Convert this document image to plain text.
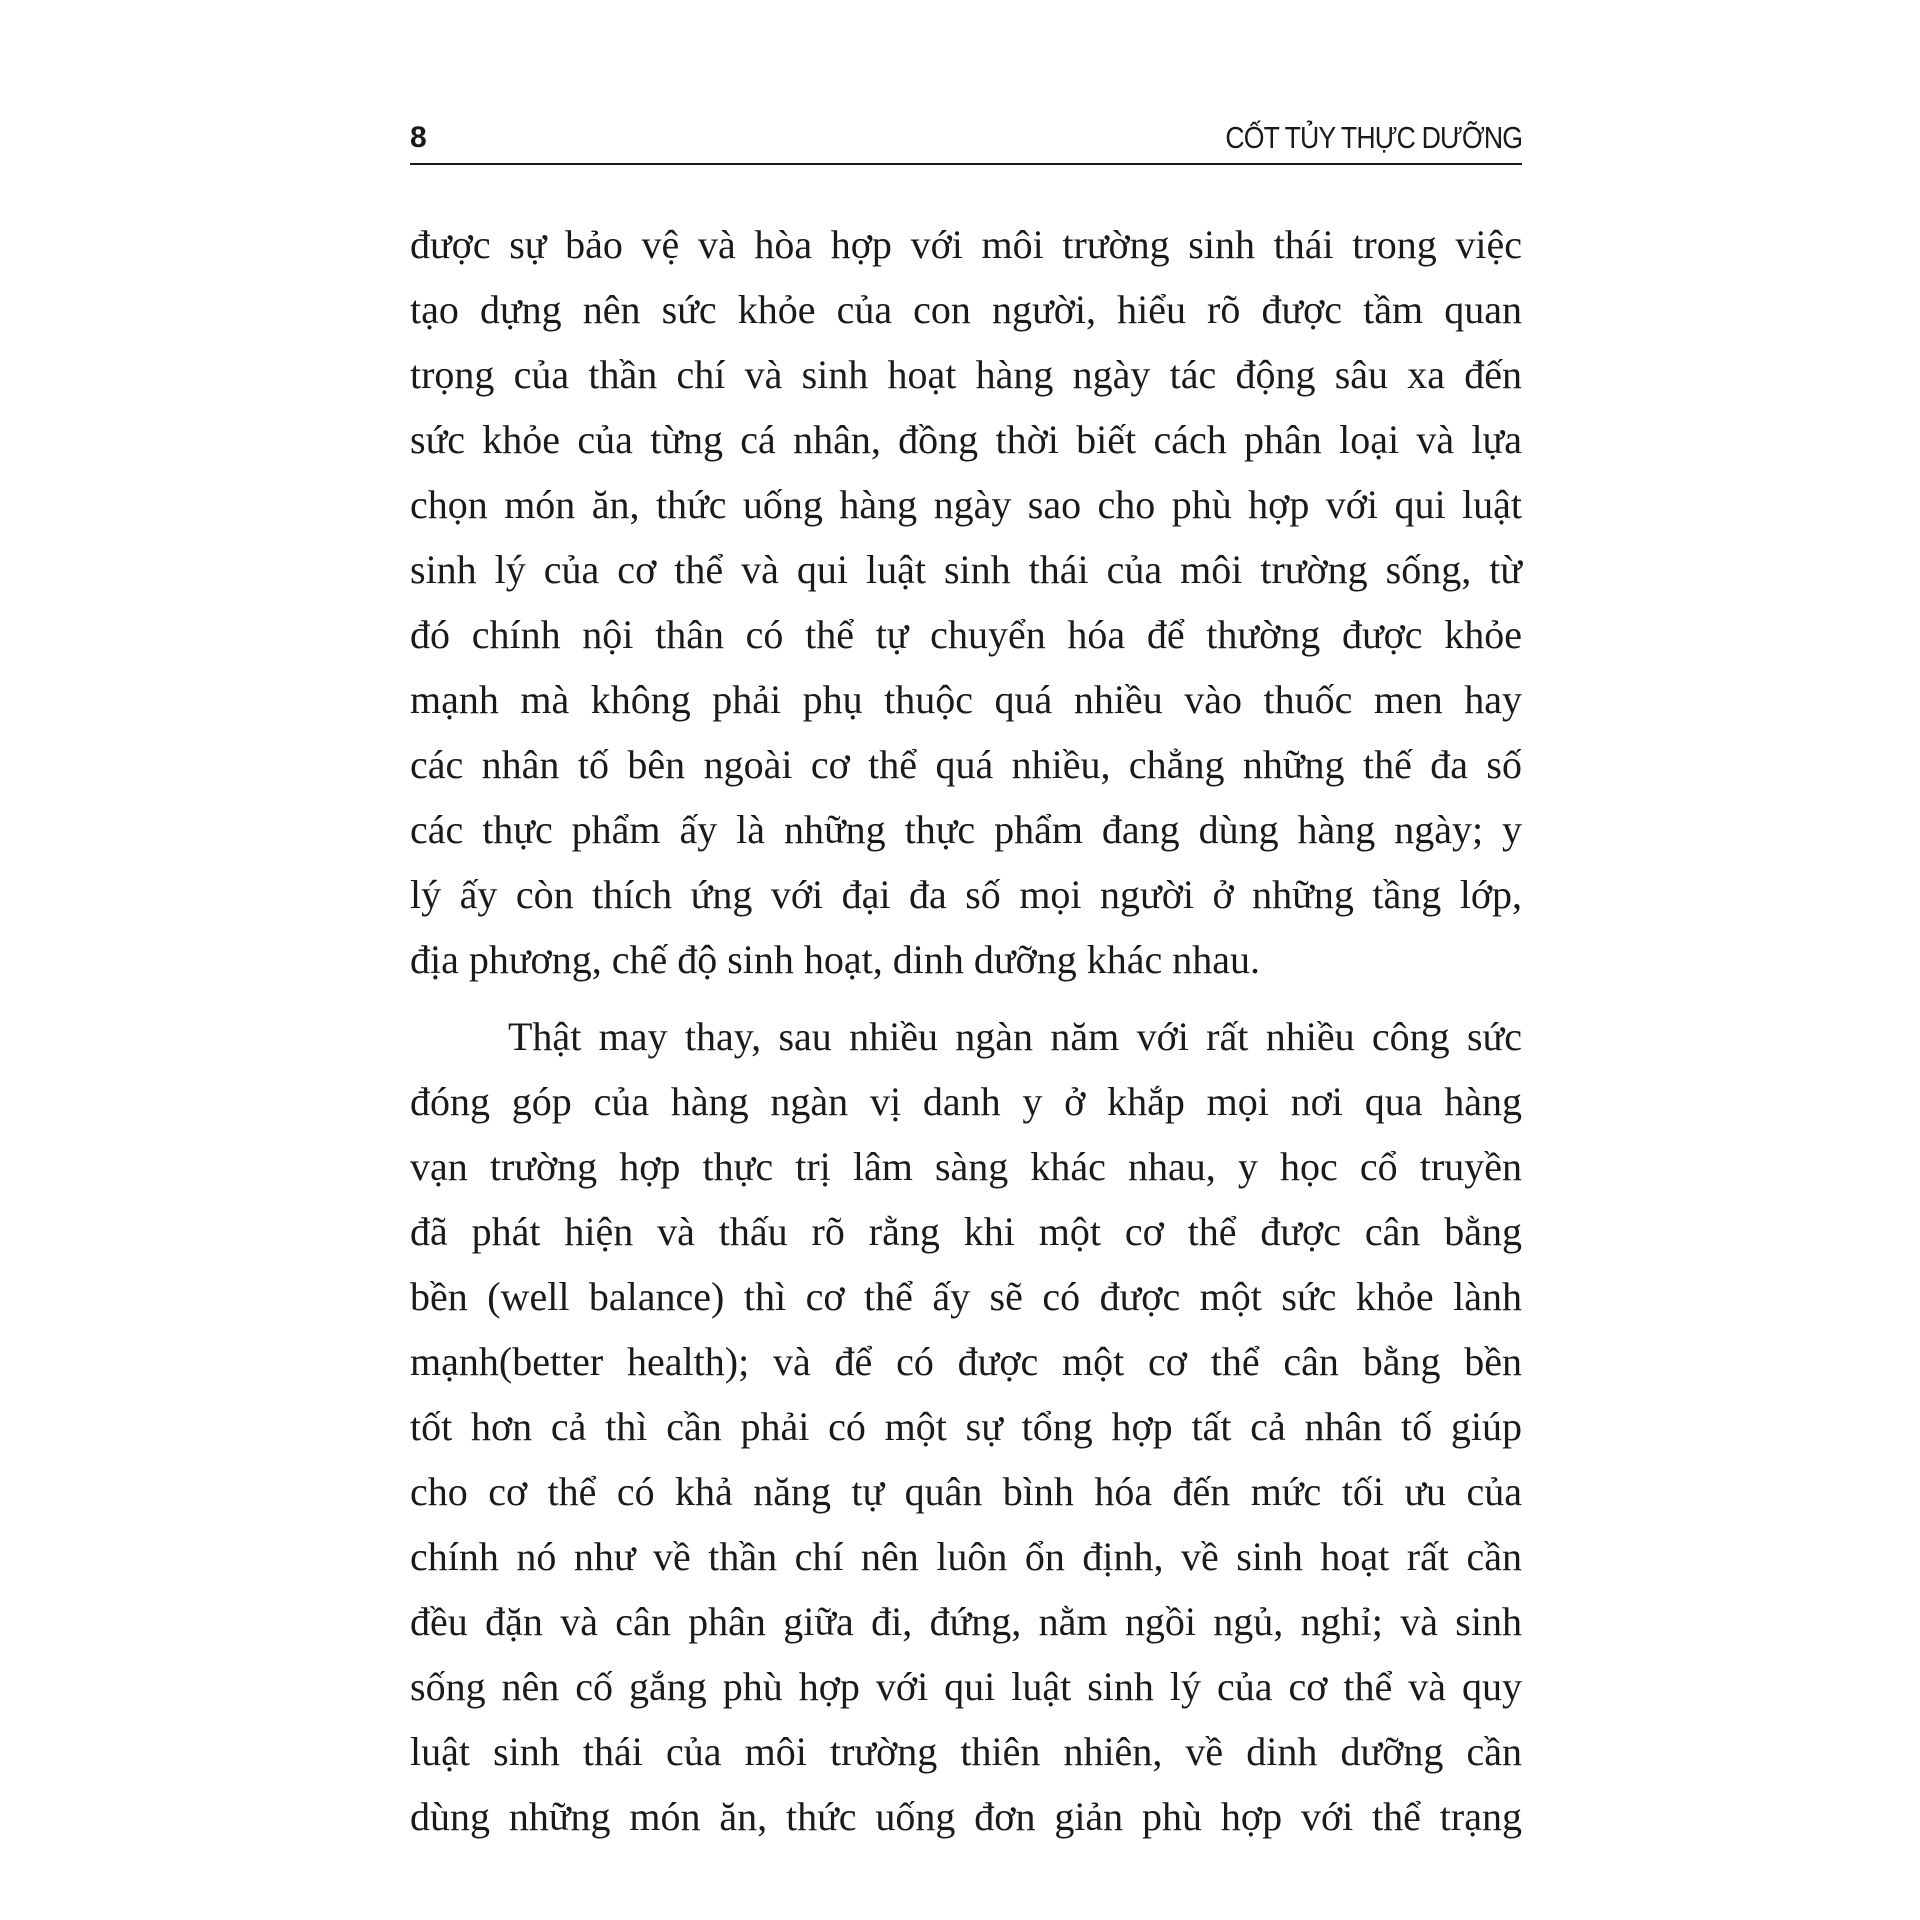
8	CỐT TỦY THỰC DƯỠNG
được sự bảo vệ và hòa hợp với môi trường sinh thái trong việc
tạo dựng nên sức khỏe của con người, hiểu rõ được tầm quan
trọng của thần chí và sinh hoạt hàng ngày tác động sâu xa đến
sức khỏe của từng cá nhân, đồng thời biết cách phân loại và lựa
chọn món ăn, thức uống hàng ngày sao cho phù hợp với qui luật
sinh lý của cơ thể và qui luật sinh thái của môi trường sống, từ
đó chính nội thân có thể tự chuyển hóa để thường được khỏe
mạnh mà không phải phụ thuộc quá nhiều vào thuốc men hay
các nhân tố bên ngoài cơ thể quá nhiều, chẳng những thế đa số
các thực phẩm ấy là những thực phẩm đang dùng hàng ngày; y
lý ấy còn thích ứng với đại đa số mọi người ở những tầng lớp,
địa phương, chế độ sinh hoạt, dinh dưỡng khác nhau.
Thật may thay, sau nhiều ngàn năm với rất nhiều công sức
đóng góp của hàng ngàn vị danh y ở khắp mọi nơi qua hàng
vạn trường hợp thực trị lâm sàng khác nhau, y học cổ truyền
đã phát hiện và thấu rõ rằng khi một cơ thể được cân bằng
bền (well balance) thì cơ thể ấy sẽ có được một sức khỏe lành
mạnh(better health); và để có được một cơ thể cân bằng bền
tốt hơn cả thì cần phải có một sự tổng hợp tất cả nhân tố giúp
cho cơ thể có khả năng tự quân bình hóa đến mức tối ưu của
chính nó như về thần chí nên luôn ổn định, về sinh hoạt rất cần
đều đặn và cân phân giữa đi, đứng, nằm ngồi ngủ, nghỉ; và sinh
sống nên cố gắng phù hợp với qui luật sinh lý của cơ thể và quy
luật sinh thái của môi trường thiên nhiên, về dinh dưỡng cần
dùng những món ăn, thức uống đơn giản phù hợp với thể trạng
